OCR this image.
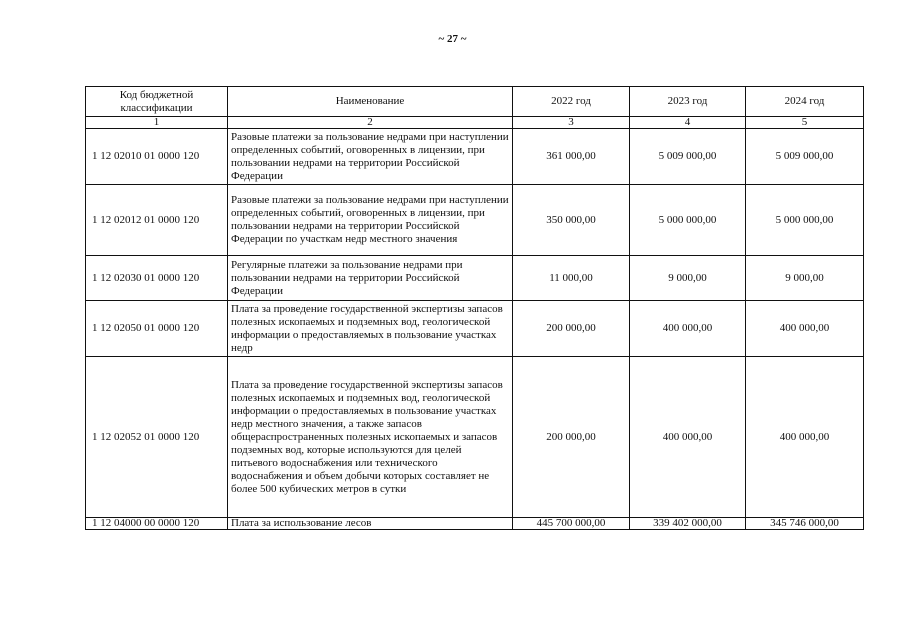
~ 27 ~
Код бюджетной классификации	Наименование	2022 год	2023 год	2024 год
1	2	3	4	5
1 12 02010 01 0000 120	Разовые платежи за пользование недрами при наступлении определенных событий, оговоренных в лицензии, при пользовании недрами на территории Российской Федерации	361 000,00	5 009 000,00	5 009 000,00
1 12 02012 01 0000 120	Разовые платежи за пользование недрами при наступлении определенных событий, оговоренных в лицензии, при пользовании недрами на территории Российской Федерации по участкам недр местного значения	350 000,00	5 000 000,00	5 000 000,00
1 12 02030 01 0000 120	Регулярные платежи за пользование недрами при пользовании недрами на территории Российской Федерации	11 000,00	9 000,00	9 000,00
1 12 02050 01 0000 120	Плата за проведение государственной экспертизы запасов полезных ископаемых и подземных вод, геологической информации о предоставляемых в пользование участках недр	200 000,00	400 000,00	400 000,00
1 12 02052 01 0000 120	Плата за проведение государственной экспертизы запасов полезных ископаемых и подземных вод, геологической информации о предоставляемых в пользование участках недр местного значения, а также запасов общераспространенных полезных ископаемых и запасов подземных вод, которые используются для целей питьевого водоснабжения или технического водоснабжения и объем добычи которых составляет не более 500 кубических метров в сутки	200 000,00	400 000,00	400 000,00
1 12 04000 00 0000 120	Плата за использование лесов	445 700 000,00	339 402 000,00	345 746 000,00
